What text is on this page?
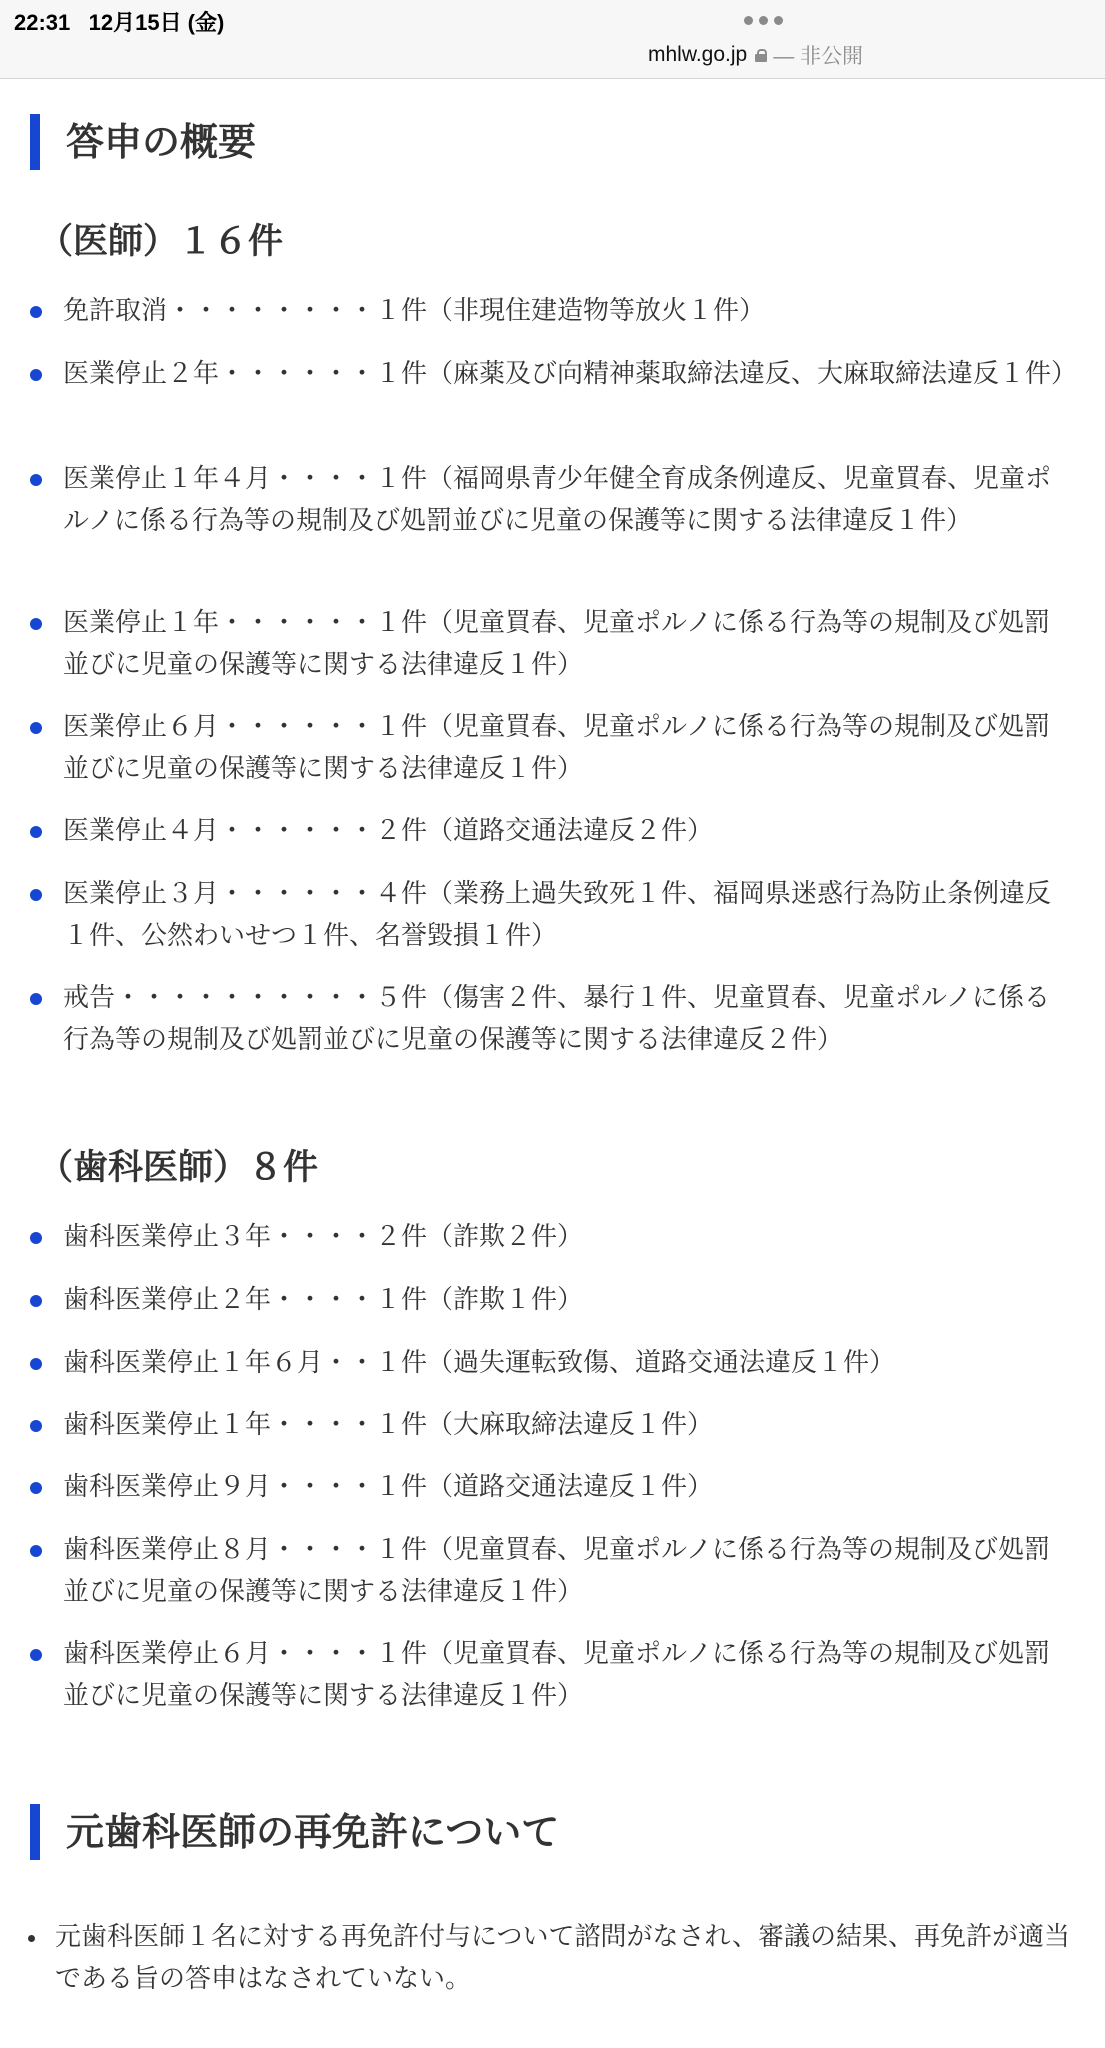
22:31 12月15日 (金)
mhlw.go.jp — 非公開
答申の概要
（医師）１６件
免許取消・・・・・・・・１件（非現住建造物等放火１件）
医業停止２年・・・・・・１件（麻薬及び向精神薬取締法違反、大麻取締法違反１件）
医業停止１年４月・・・・１件（福岡県青少年健全育成条例違反、児童買春、児童ポルノに係る行為等の規制及び処罰並びに児童の保護等に関する法律違反１件）
医業停止１年・・・・・・１件（児童買春、児童ポルノに係る行為等の規制及び処罰並びに児童の保護等に関する法律違反１件）
医業停止６月・・・・・・１件（児童買春、児童ポルノに係る行為等の規制及び処罰並びに児童の保護等に関する法律違反１件）
医業停止４月・・・・・・２件（道路交通法違反２件）
医業停止３月・・・・・・４件（業務上過失致死１件、福岡県迷惑行為防止条例違反１件、公然わいせつ１件、名誉毀損１件）
戒告・・・・・・・・・・５件（傷害２件、暴行１件、児童買春、児童ポルノに係る行為等の規制及び処罰並びに児童の保護等に関する法律違反２件）
（歯科医師）８件
歯科医業停止３年・・・・２件（詐欺２件）
歯科医業停止２年・・・・１件（詐欺１件）
歯科医業停止１年６月・・１件（過失運転致傷、道路交通法違反１件）
歯科医業停止１年・・・・１件（大麻取締法違反１件）
歯科医業停止９月・・・・１件（道路交通法違反１件）
歯科医業停止８月・・・・１件（児童買春、児童ポルノに係る行為等の規制及び処罰並びに児童の保護等に関する法律違反１件）
歯科医業停止６月・・・・１件（児童買春、児童ポルノに係る行為等の規制及び処罰並びに児童の保護等に関する法律違反１件）
元歯科医師の再免許について
元歯科医師１名に対する再免許付与について諮問がなされ、審議の結果、再免許が適当である旨の答申はなされていない。
